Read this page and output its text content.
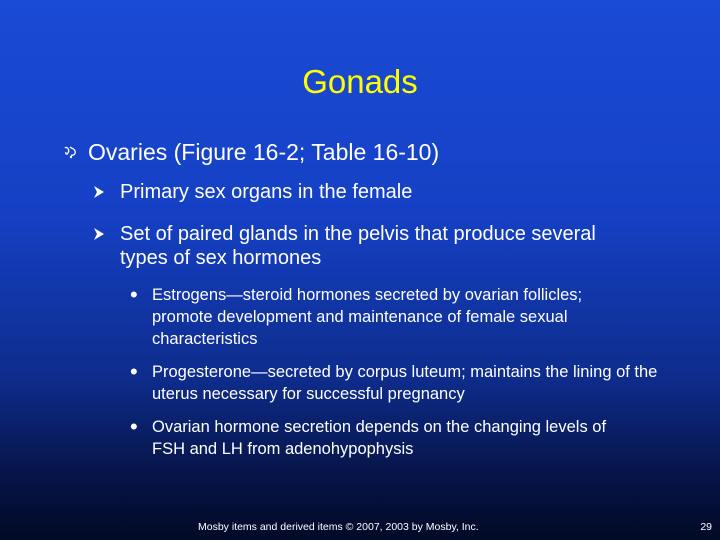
Gonads
Ovaries (Figure 16-2; Table 16-10)
Primary sex organs in the female
Set of paired glands in the pelvis that produce several types of sex hormones
• Estrogens—steroid hormones secreted by ovarian follicles; promote development and maintenance of female sexual characteristics
• Progesterone—secreted by corpus luteum; maintains the lining of the uterus necessary for successful pregnancy
• Ovarian hormone secretion depends on the changing levels of FSH and LH from adenohypophysis
Mosby items and derived items © 2007, 2003 by Mosby, Inc.	29
